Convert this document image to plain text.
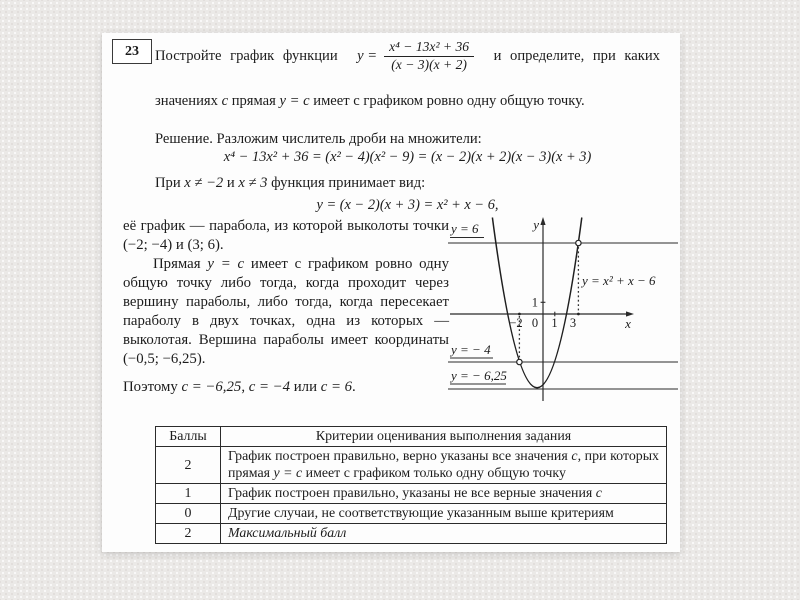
23 Постройте график функции $y = \frac{\text{x⁴ − 13x² + 36}}{(x - 3)(x + 2)}$ и определите, при каких
значениях c прямая y = c имеет с графиком ровно одну общую точку.
Решение. Разложим числитель дроби на множители:
x⁴ − 13x² + 36 = (x² − 4)(x² − 9) = (x − 2)(x + 2)(x − 3)(x + 3)
При x ≠ −2 и x ≠ 3 функция принимает вид:
y = (x − 2)(x + 3) = x² + x − 6,

её график — парабола, из которой выколоты точки (−2; −4) и (3; 6).

Прямая y = c имеет с графиком ровно одну общую точку либо тогда, когда проходит через вершину параболы, либо тогда, когда пересекает параболу в двух точках, одна из которых — выколотая. Вершина параболы имеет координаты (−0,5; −6,25).

Поэтому c = −6,25, c = −4 или c = 6.

y
x
1
−2 0 1 3
y = 6
y = − 4
y = − 6,25
y = x² + x − 6
Баллы	Критерии оценивания выполнения задания
2	График построен правильно, верно указаны все значения c, при которых прямая y = c имеет с графиком только одну общую точку
1	График построен правильно, указаны не все верные значения c
0	Другие случаи, не соответствующие указанным выше критериям
2	Максимальный балл
